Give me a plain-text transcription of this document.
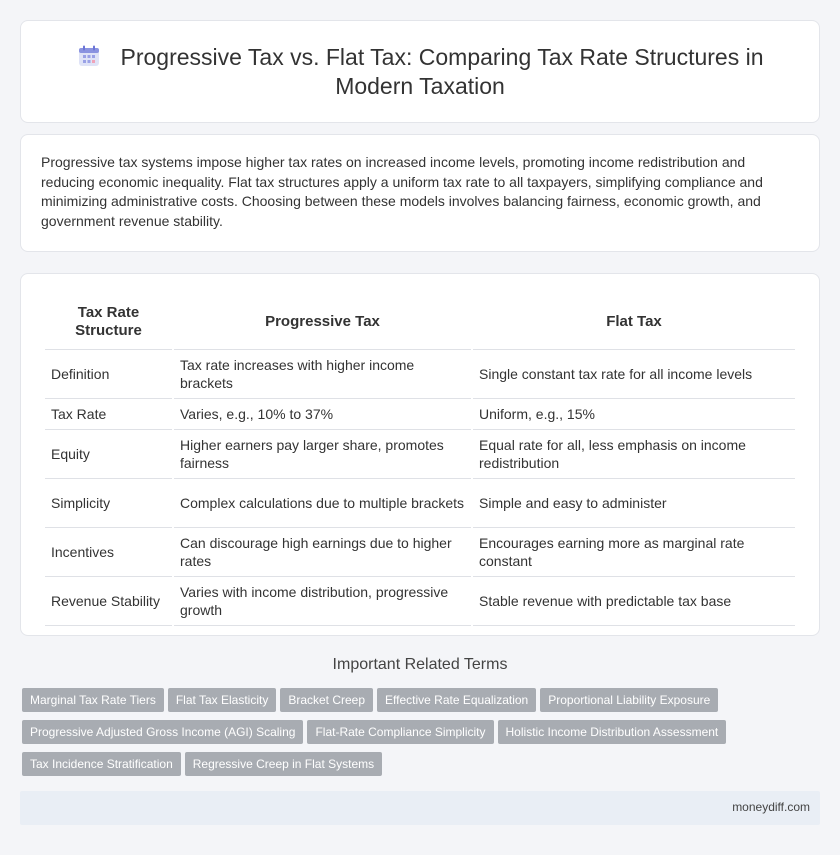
Progressive Tax vs. Flat Tax: Comparing Tax Rate Structures in Modern Taxation

Progressive tax systems impose higher tax rates on increased income levels, promoting income redistribution and reducing economic inequality. Flat tax structures apply a uniform tax rate to all taxpayers, simplifying compliance and minimizing administrative costs. Choosing between these models involves balancing fairness, economic growth, and government revenue stability.

Tax Rate Structure	Progressive Tax	Flat Tax
Definition	Tax rate increases with higher income brackets	Single constant tax rate for all income levels
Tax Rate	Varies, e.g., 10% to 37%	Uniform, e.g., 15%
Equity	Higher earners pay larger share, promotes fairness	Equal rate for all, less emphasis on income redistribution
Simplicity	Complex calculations due to multiple brackets	Simple and easy to administer
Incentives	Can discourage high earnings due to higher rates	Encourages earning more as marginal rate constant
Revenue Stability	Varies with income distribution, progressive growth	Stable revenue with predictable tax base
Important Related Terms
Marginal Tax Rate Tiers Flat Tax Elasticity Bracket Creep Effective Rate Equalization Proportional Liability Exposure
Progressive Adjusted Gross Income (AGI) Scaling Flat-Rate Compliance Simplicity Holistic Income Distribution Assessment
Tax Incidence Stratification Regressive Creep in Flat Systems
moneydiff.com
